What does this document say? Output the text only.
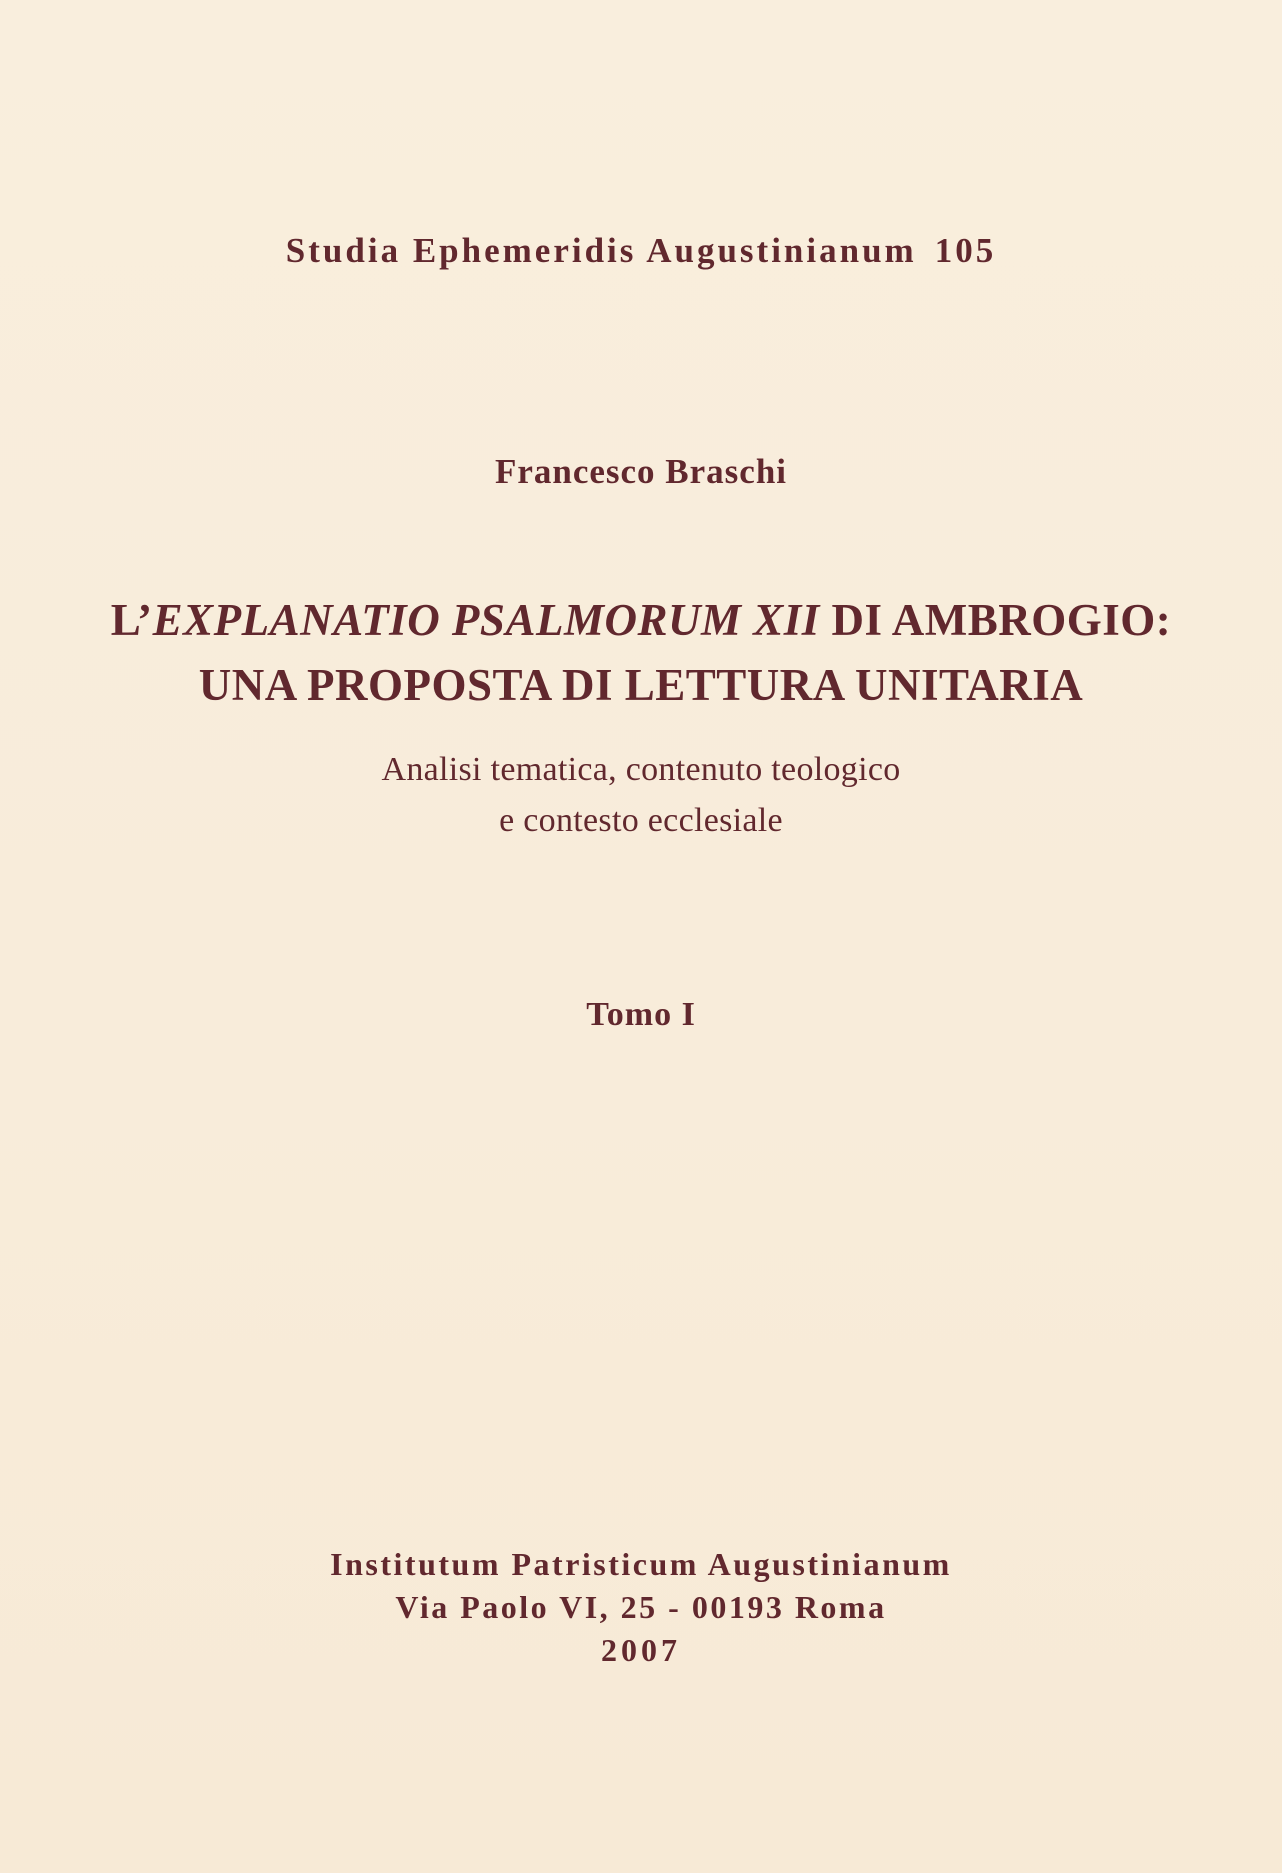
Studia Ephemeridis Augustinianum 105
Francesco Braschi
L’EXPLANATIO PSALMORUM XII DI AMBROGIO:
UNA PROPOSTA DI LETTURA UNITARIA
Analisi tematica, contenuto teologico
e contesto ecclesiale
Tomo I
Institutum Patristicum Augustinianum
Via Paolo VI, 25 - 00193 Roma
2007
